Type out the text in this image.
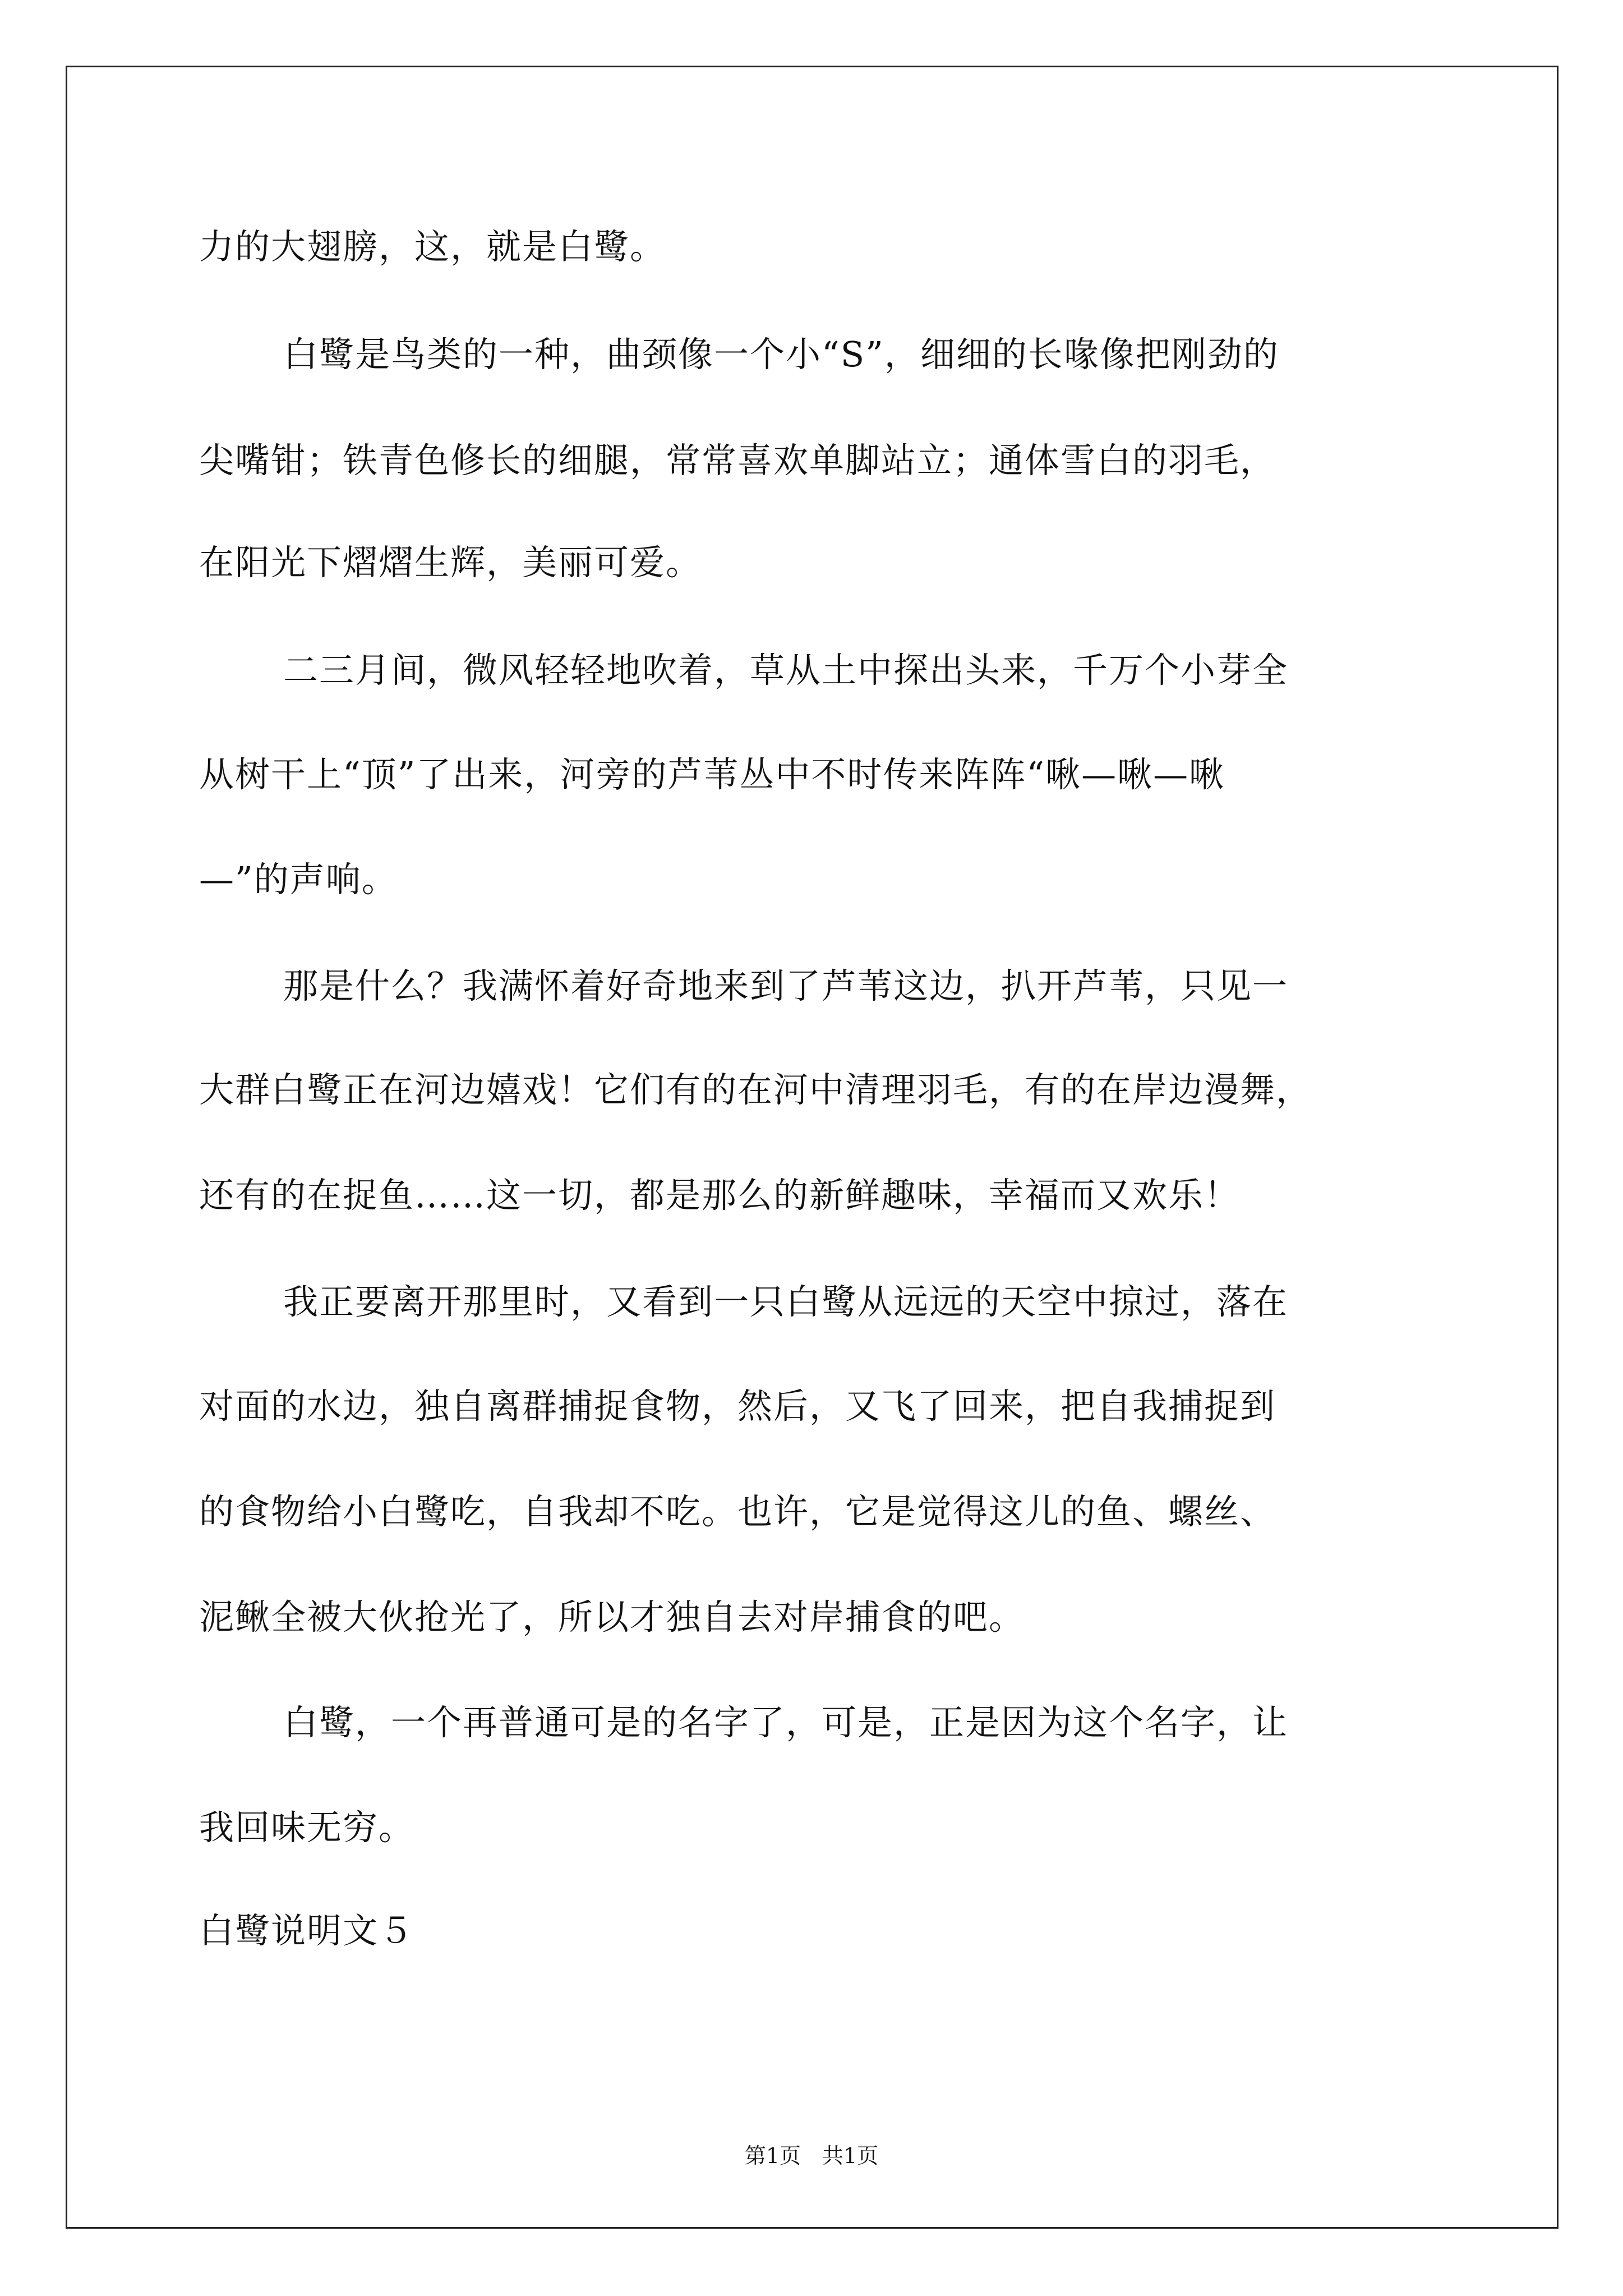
力的大翅膀，这，就是白鹭。
白鹭是鸟类的一种，曲颈像一个小“S”，细细的长喙像把刚劲的
尖嘴钳；铁青色修长的细腿，常常喜欢单脚站立；通体雪白的羽毛，
在阳光下熠熠生辉，美丽可爱。
二三月间，微风轻轻地吹着，草从土中探出头来，千万个小芽全
从树干上“顶”了出来，河旁的芦苇丛中不时传来阵阵“啾—啾—啾
—”的声响。
那是什么？我满怀着好奇地来到了芦苇这边，扒开芦苇，只见一
大群白鹭正在河边嬉戏！它们有的在河中清理羽毛，有的在岸边漫舞，
还有的在捉鱼……这一切，都是那么的新鲜趣味，幸福而又欢乐！
我正要离开那里时，又看到一只白鹭从远远的天空中掠过，落在
对面的水边，独自离群捕捉食物，然后，又飞了回来，把自我捕捉到
的食物给小白鹭吃，自我却不吃。也许，它是觉得这儿的鱼、螺丝、
泥鳅全被大伙抢光了，所以才独自去对岸捕食的吧。
白鹭，一个再普通可是的名字了，可是，正是因为这个名字，让
我回味无穷。
白鹭说明文５
第1页　共1页
